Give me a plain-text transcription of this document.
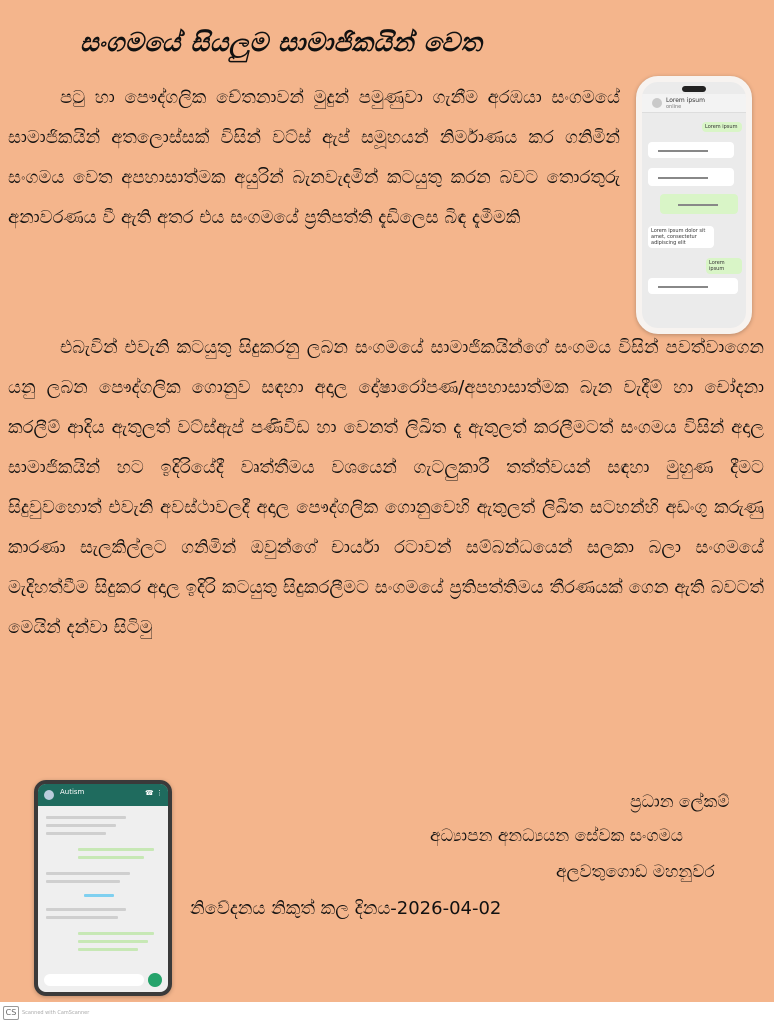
සංගමයේ සියලුම සාමාජිකයින් වෙත
පටු හා පෞද්ගලික චේතනාවන් මුදුන් පමුණුවා ගැනීම අරඹයා සංගමයේ සාමාජිකයින් අතලොස්සක් විසින් වට්ස් ඇප් සමූහයන් නිර්මාණය කර ගනිමින් සංගමය වෙත අපහාසාත්මක අයුරින් බැනවැදමින් කටයුතු කරන බවට තොරතුරු අනාවරණය වී ඇති අතර එය සංගමයේ ප්‍රතිපත්ති දැඩිලෙස බිඳ දැමීමකි
Lorem ipsum
online
Lorem ipsum
Lorem ipsum dolor sit amet, consectetur adipiscing elit
Lorem ipsum
එබැවින් එවැනි කටයුතු සිදුකරනු ලබන සංගමයේ සාමාජිකයින්ගේ සංගමය විසින් පවත්වාගෙන යනු ලබන පෞද්ගලික ගොනුව සඳහා අදාල දෝෂාරෝපණ/අපහාසාත්මක බැන වැදීම් හා චෝදනා කරලීම් ආදිය ඇතුලත් වට්ස්ඇප් පණිවිඩ හා වෙනත් ලිඛිත දෑ ඇතුලත් කරලීමටත් සංගමය විසින් අදාල සාමාජිකයින් හට ඉදිරියේදී වෘත්තීමය වශයෙන් ගැටලුකාරී තත්ත්වයන් සඳහා මුහුණ දීමට සිදුවුවහොත් එවැනි අවස්ථාවලදී අදාල පෞද්ගලික ගොනුවෙහි ඇතුලත් ලිඛිත සටහන්හි අඩංගු කරුණු කාරණා සැලකිල්ලට ගනිමින් ඔවුන්ගේ චාර්යා රටාවන් සම්බන්ධයෙන් සලකා බලා සංගමයේ මැදිහත්වීම සිදුකර අදාල ඉදිරි කටයුතු සිදුකරලීමට සංගමයේ ප්‍රතිපත්තිමය තීරණයක් ගෙන ඇති බවටත් මෙයින් දන්වා සිටිමු
Autism	☎ ⋮	ප්‍රධාන ලේකම්
අධ්‍යාපන අනධ්‍යයන සේවක සංගමය
අලවතුගොඩ මහනුවර
නිවේදනය නිකුත් කල දිනය-2026-04-02
CS	Scanned with CamScanner
